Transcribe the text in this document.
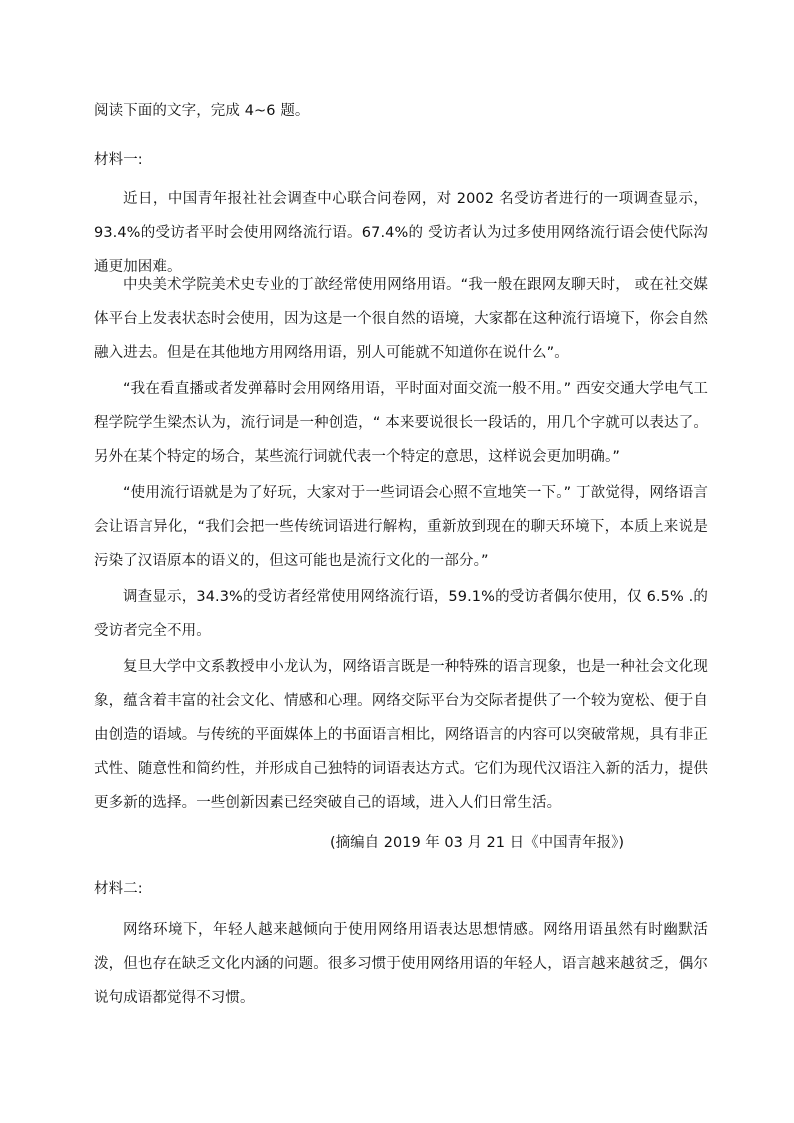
阅读下面的文字，完成 4~6 题。
材料一:

近日，中国青年报社社会调查中心联合问卷网，对 2002 名受访者进行的一项调查显示，93.4%的受访者平时会使用网络流行语。67.4%的 受访者认为过多使用网络流行语会使代际沟通更加困难。

中央美术学院美术史专业的丁歆经常使用网络用语。“我一般在跟网友聊天时， 或在社交媒体平台上发表状态时会使用，因为这是一个很自然的语境，大家都在这种流行语境下，你会自然融入进去。但是在其他地方用网络用语，别人可能就不知道你在说什么”。

“我在看直播或者发弹幕时会用网络用语，平时面对面交流一般不用。” 西安交通大学电气工程学院学生梁杰认为，流行词是一种创造，“ 本来要说很长一段话的，用几个字就可以表达了。另外在某个特定的场合，某些流行词就代表一个特定的意思，这样说会更加明确。”

“使用流行语就是为了好玩，大家对于一些词语会心照不宣地笑一下。” 丁歆觉得，网络语言会让语言异化，“我们会把一些传统词语进行解构，重新放到现在的聊天环境下，本质上来说是污染了汉语原本的语义的，但这可能也是流行文化的一部分。”

调查显示，34.3%的受访者经常使用网络流行语，59.1%的受访者偶尔使用，仅 6.5% .的受访者完全不用。

复旦大学中文系教授申小龙认为，网络语言既是一种特殊的语言现象，也是一种社会文化现象，蕴含着丰富的社会文化、情感和心理。网络交际平台为交际者提供了一个较为宽松、便于自由创造的语域。与传统的平面媒体上的书面语言相比，网络语言的内容可以突破常规，具有非正式性、随意性和简约性，并形成自己独特的词语表达方式。它们为现代汉语注入新的活力，提供更多新的选择。一些创新因素已经突破自己的语域，进入人们日常生活。

(摘编自 2019 年 03 月 21 日《中国青年报》)
材料二:

网络环境下，年轻人越来越倾向于使用网络用语表达思想情感。网络用语虽然有时幽默活泼，但也存在缺乏文化内涵的问题。很多习惯于使用网络用语的年轻人，语言越来越贫乏，偶尔说句成语都觉得不习惯。
